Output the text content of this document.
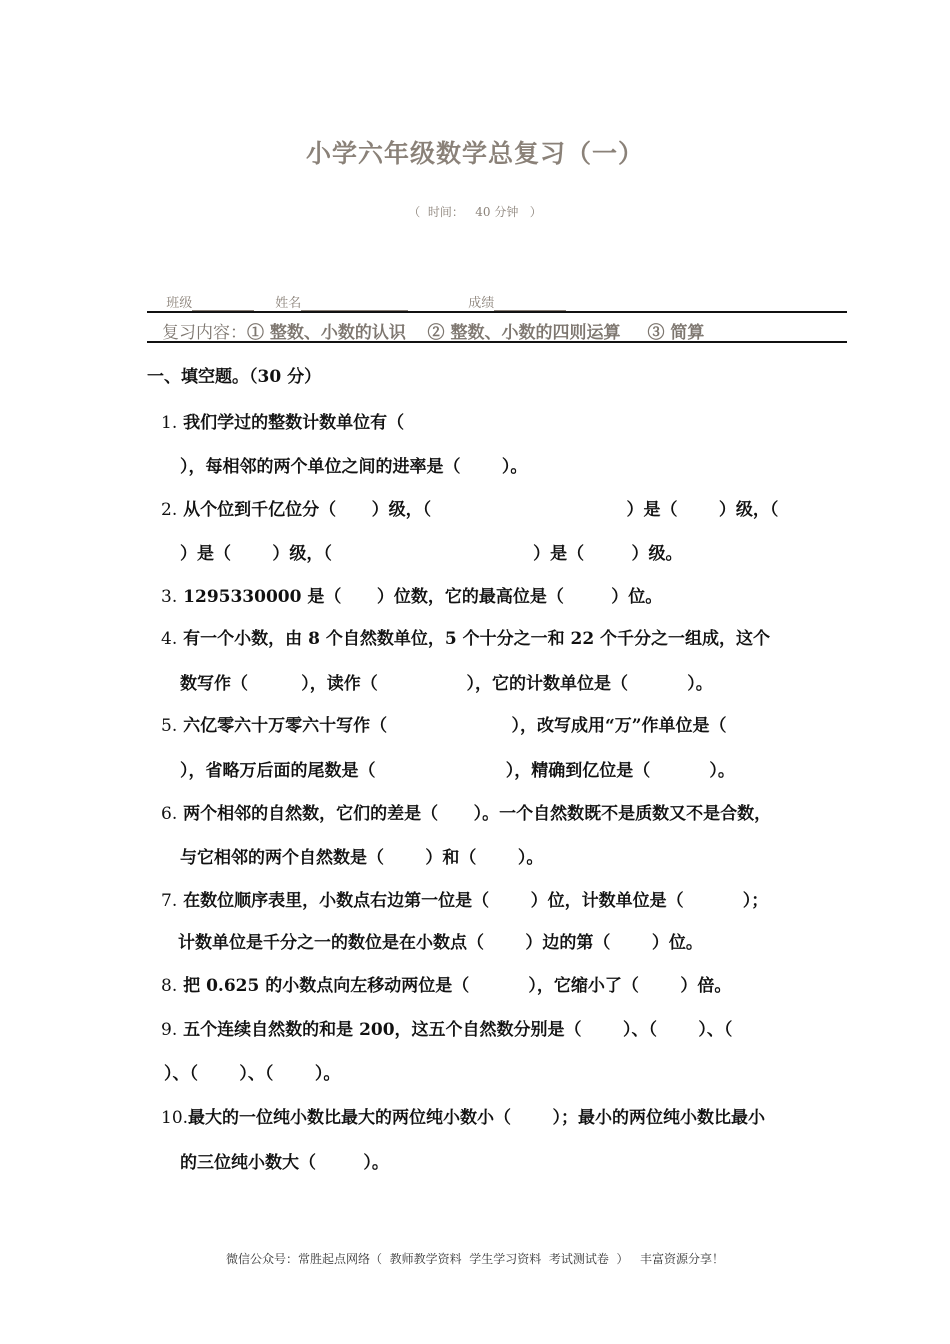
小学六年级数学总复习（一）
（  时间：   40 分钟   ）

班级	姓名	成绩

复习内容：① 整数、小数的认识 ② 整数、小数的四则运算 ③ 简算
一、填空题。（30 分）
1. 我们学过的整数计数单位有（
），每相邻的两个单位之间的进率是（       ）。
2. 从个位到千亿位分（      ）级，（                                 ）是（       ）级，（
）是（       ）级，（                                  ）是（        ）级。
3. 1295330000 是（      ）位数，它的最高位是（        ）位。
4. 有一个小数，由 8 个自然数单位，5 个十分之一和 22 个千分之一组成，这个
数写作（         ），读作（               ），它的计数单位是（          ）。
5. 六亿零六十万零六十写作（                     ），改写成用“万”作单位是（
），省略万后面的尾数是（                      ），精确到亿位是（          ）。
6. 两个相邻的自然数，它们的差是（      ）。一个自然数既不是质数又不是合数，
与它相邻的两个自然数是（       ）和（       ）。
7. 在数位顺序表里，小数点右边第一位是（       ）位，计数单位是（          ）；
计数单位是千分之一的数位是在小数点（       ）边的第（       ）位。
8. 把 0.625 的小数点向左移动两位是（          ），它缩小了（       ）倍。
9. 五个连续自然数的和是 200，这五个自然数分别是（       ）、（       ）、（
）、（       ）、（       ）。
10.最大的一位纯小数比最大的两位纯小数小（       ）；最小的两位纯小数比最小
的三位纯小数大（        ）。
微信公众号：常胜起点网络（  教师教学资料  学生学习资料  考试测试卷  ）   丰富资源分享！
